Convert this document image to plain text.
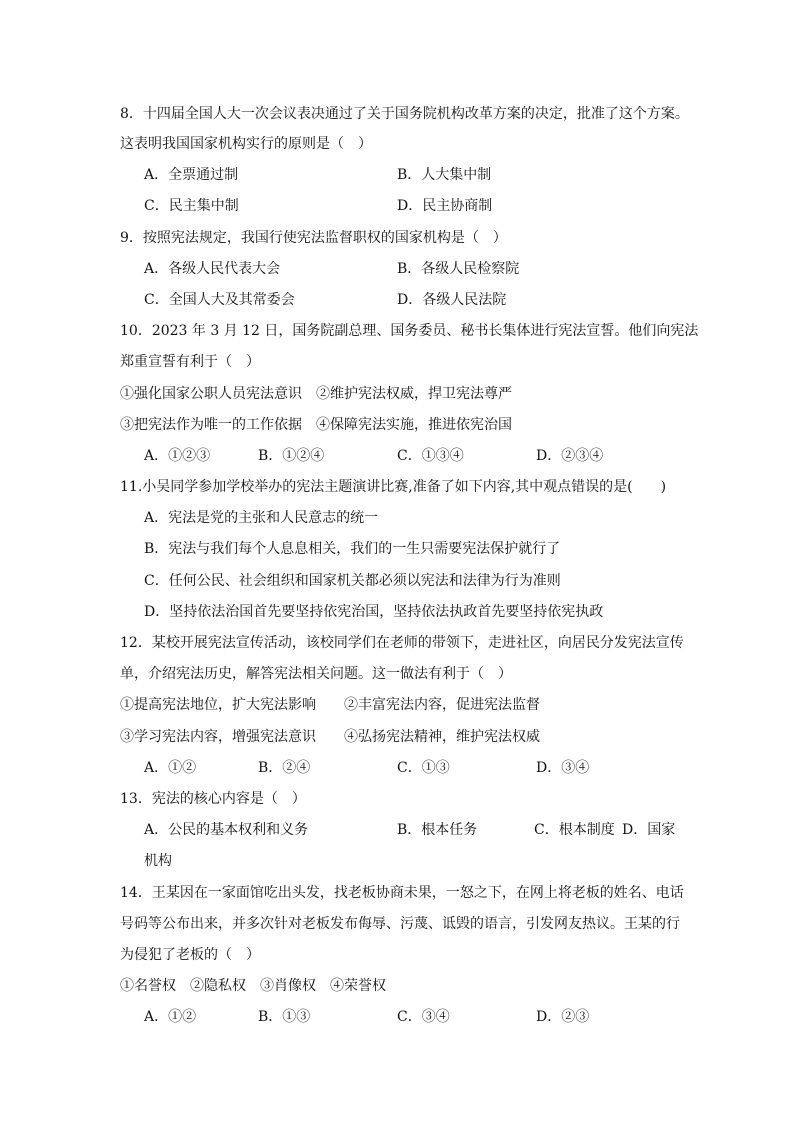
8．十四届全国人大一次会议表决通过了关于国务院机构改革方案的决定，批准了这个方案。
这表明我国国家机构实行的原则是（　）
A．全票通过制	B．人大集中制
C．民主集中制	D．民主协商制
9．按照宪法规定，我国行使宪法监督职权的国家机构是（　）
A．各级人民代表大会	B．各级人民检察院
C．全国人大及其常委会	D．各级人民法院
10．2023 年 3 月 12 日，国务院副总理、国务委员、秘书长集体进行宪法宣誓。他们向宪法
郑重宣誓有利于（　）
①强化国家公职人员宪法意识　②维护宪法权威，捍卫宪法尊严
③把宪法作为唯一的工作依据　④保障宪法实施，推进依宪治国
A．①②③	B．①②④	C．①③④	D．②③④
11.小吴同学参加学校举办的宪法主题演讲比赛,准备了如下内容,其中观点错误的是(　　)
A．宪法是党的主张和人民意志的统一
B．宪法与我们每个人息息相关，我们的一生只需要宪法保护就行了
C．任何公民、社会组织和国家机关都必须以宪法和法律为行为准则
D．坚持依法治国首先要坚持依宪治国，坚持依法执政首先要坚持依宪执政
12．某校开展宪法宣传活动，该校同学们在老师的带领下，走进社区，向居民分发宪法宣传
单，介绍宪法历史，解答宪法相关问题。这一做法有利于（　）
①提高宪法地位，扩大宪法影响　　②丰富宪法内容，促进宪法监督
③学习宪法内容，增强宪法意识　　④弘扬宪法精神，维护宪法权威
A．①②	B．②④	C．①③	D．③④
13．宪法的核心内容是（　）
A．公民的基本权利和义务	B．根本任务	C．根本制度 D．国家
机构
14．王某因在一家面馆吃出头发，找老板协商未果，一怒之下，在网上将老板的姓名、电话
号码等公布出来，并多次针对老板发布侮辱、污蔑、诋毁的语言，引发网友热议。王某的行
为侵犯了老板的（　）
①名誉权　②隐私权　③肖像权　④荣誉权
A．①②	B．①③	C．③④	D．②③
